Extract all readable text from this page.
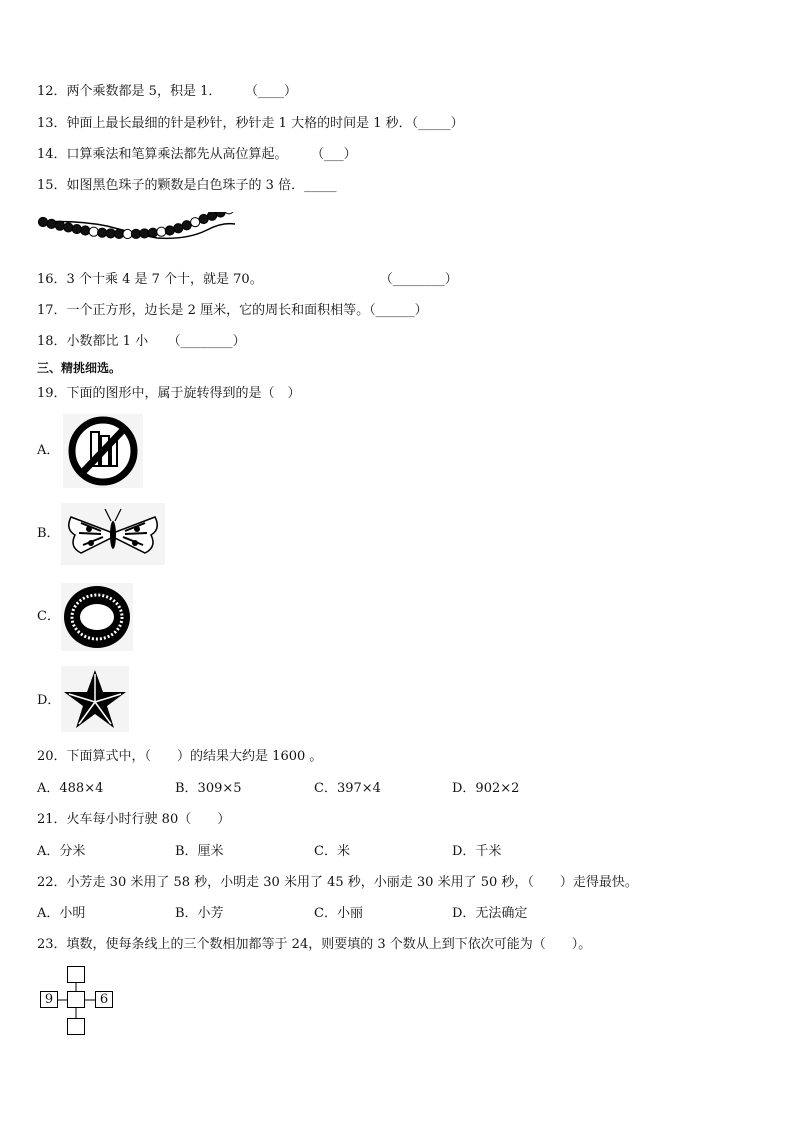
12．两个乘数都是 5，积是 1．　　 （____）
13．钟面上最长最细的针是秒针，秒针走 1 大格的时间是 1 秒．（_____）
14．口算乘法和笔算乘法都先从高位算起。　　 （___）
15．如图黑色珠子的颗数是白色珠子的 3 倍．_____
16．3 个十乘 4 是 7 个十，就是 70。　　　　　　　　　　（________）
17．一个正方形，边长是 2 厘米，它的周长和面积相等。（______）
18．小数都比 1 小　　（________）
三、精挑细选。
19．下面的图形中，属于旋转得到的是（　）
A．
B．
C．
D．
20．下面算式中，（　　）的结果大约是 1600 。
A．488×4	B．309×5	C．397×4	D．902×2
21．火车每小时行驶 80（　　）
A．分米	B．厘米	C．米	D．千米
22．小芳走 30 米用了 58 秒，小明走 30 米用了 45 秒，小丽走 30 米用了 50 秒，（　　）走得最快。
A．小明	B．小芳	C．小丽	D．无法确定
23．填数，使每条线上的三个数相加都等于 24，则要填的 3 个数从上到下依次可能为（　　）。
9	6
